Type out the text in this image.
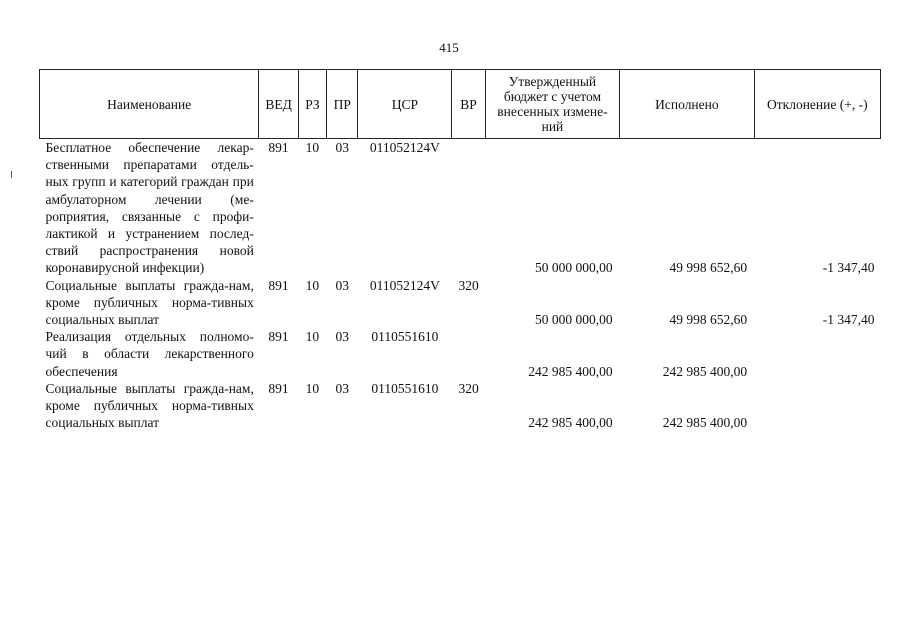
415
Наименование	ВЕД	РЗ	ПР	ЦСР	ВР	Утвержденный бюджет с учетом внесенных измене-ний	Исполнено	Отклонение (+, -)
Бесплатное обеспечение лекар-ственными препаратами отдель-ных групп и категорий граждан при амбулаторном лечении (ме-роприятия, связанные с профи-лактикой и устранением послед-ствий распространения новой коронавирусной инфекции)	891	10	03	011052124V		50 000 000,00	49 998 652,60	-1 347,40
Социальные выплаты гражда-нам, кроме публичных норма-тивных социальных выплат	891	10	03	011052124V	320	50 000 000,00	49 998 652,60	-1 347,40
Реализация отдельных полномо-чий в области лекарственного обеспечения	891	10	03	0110551610		242 985 400,00	242 985 400,00	
Социальные выплаты гражда-нам, кроме публичных норма-тивных социальных выплат	891	10	03	0110551610	320	242 985 400,00	242 985 400,00	
